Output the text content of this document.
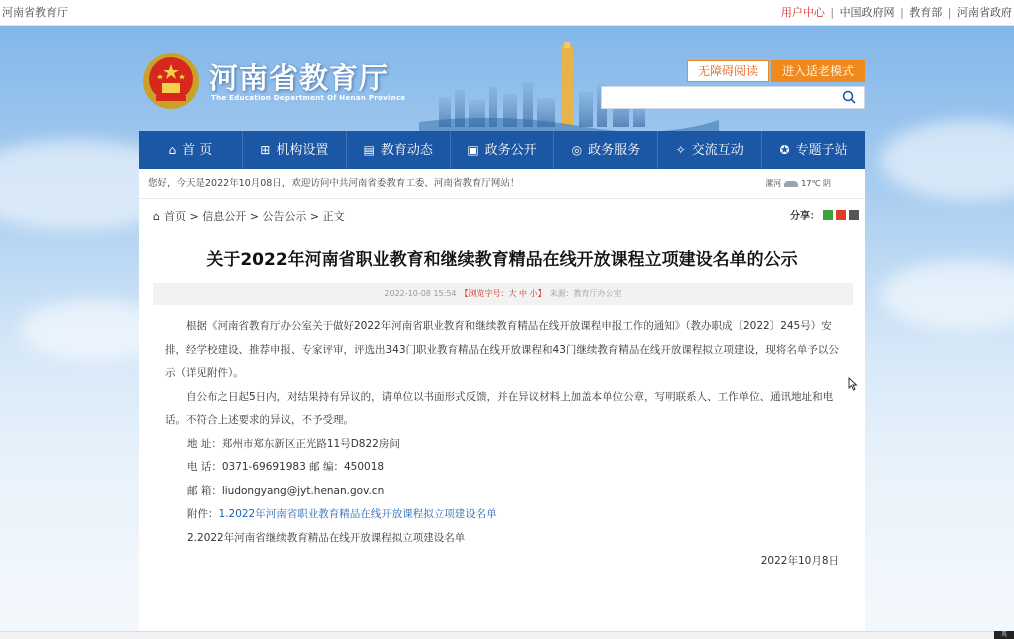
河南省教育厅	用户中心 | 中国政府网 | 教育部 | 河南省政府
河南省教育厅
The Education Department Of Henan Province
无障碍阅读	进入适老模式
⌂ 首 页	⊞ 机构设置	▤ 教育动态	▣ 政务公开	◎ 政务服务	✧ 交流互动	✪ 专题子站
您好，今天是2022年10月08日，欢迎访问中共河南省委教育工委、河南省教育厅网站！	漯河	17℃ 阴
⌂ 首页 > 信息公开 > 公告公示 > 正文	分享：
关于2022年河南省职业教育和继续教育精品在线开放课程立项建设名单的公示
2022-10-08 15:54 【浏览字号：大 中 小】 来源：教育厅办公室

根据《河南省教育厅办公室关于做好2022年河南省职业教育和继续教育精品在线开放课程申报工作的通知》（教办职成〔2022〕245号）安排，经学校建设、推荐申报、专家评审，评选出343门职业教育精品在线开放课程和43门继续教育精品在线开放课程拟立项建设，现将名单予以公示（详见附件）。

自公布之日起5日内，对结果持有异议的，请单位以书面形式反馈，并在异议材料上加盖本单位公章，写明联系人、工作单位、通讯地址和电话。不符合上述要求的异议，不予受理。

地 址：郑州市郑东新区正光路11号D822房间

电 话：0371-69691983 邮 编：450018

邮 箱：liudongyang@jyt.henan.gov.cn

附件：1.2022年河南省职业教育精品在线开放课程拟立项建设名单

2.2022年河南省继续教育精品在线开放课程拟立项建设名单

2022年10月8日

英
